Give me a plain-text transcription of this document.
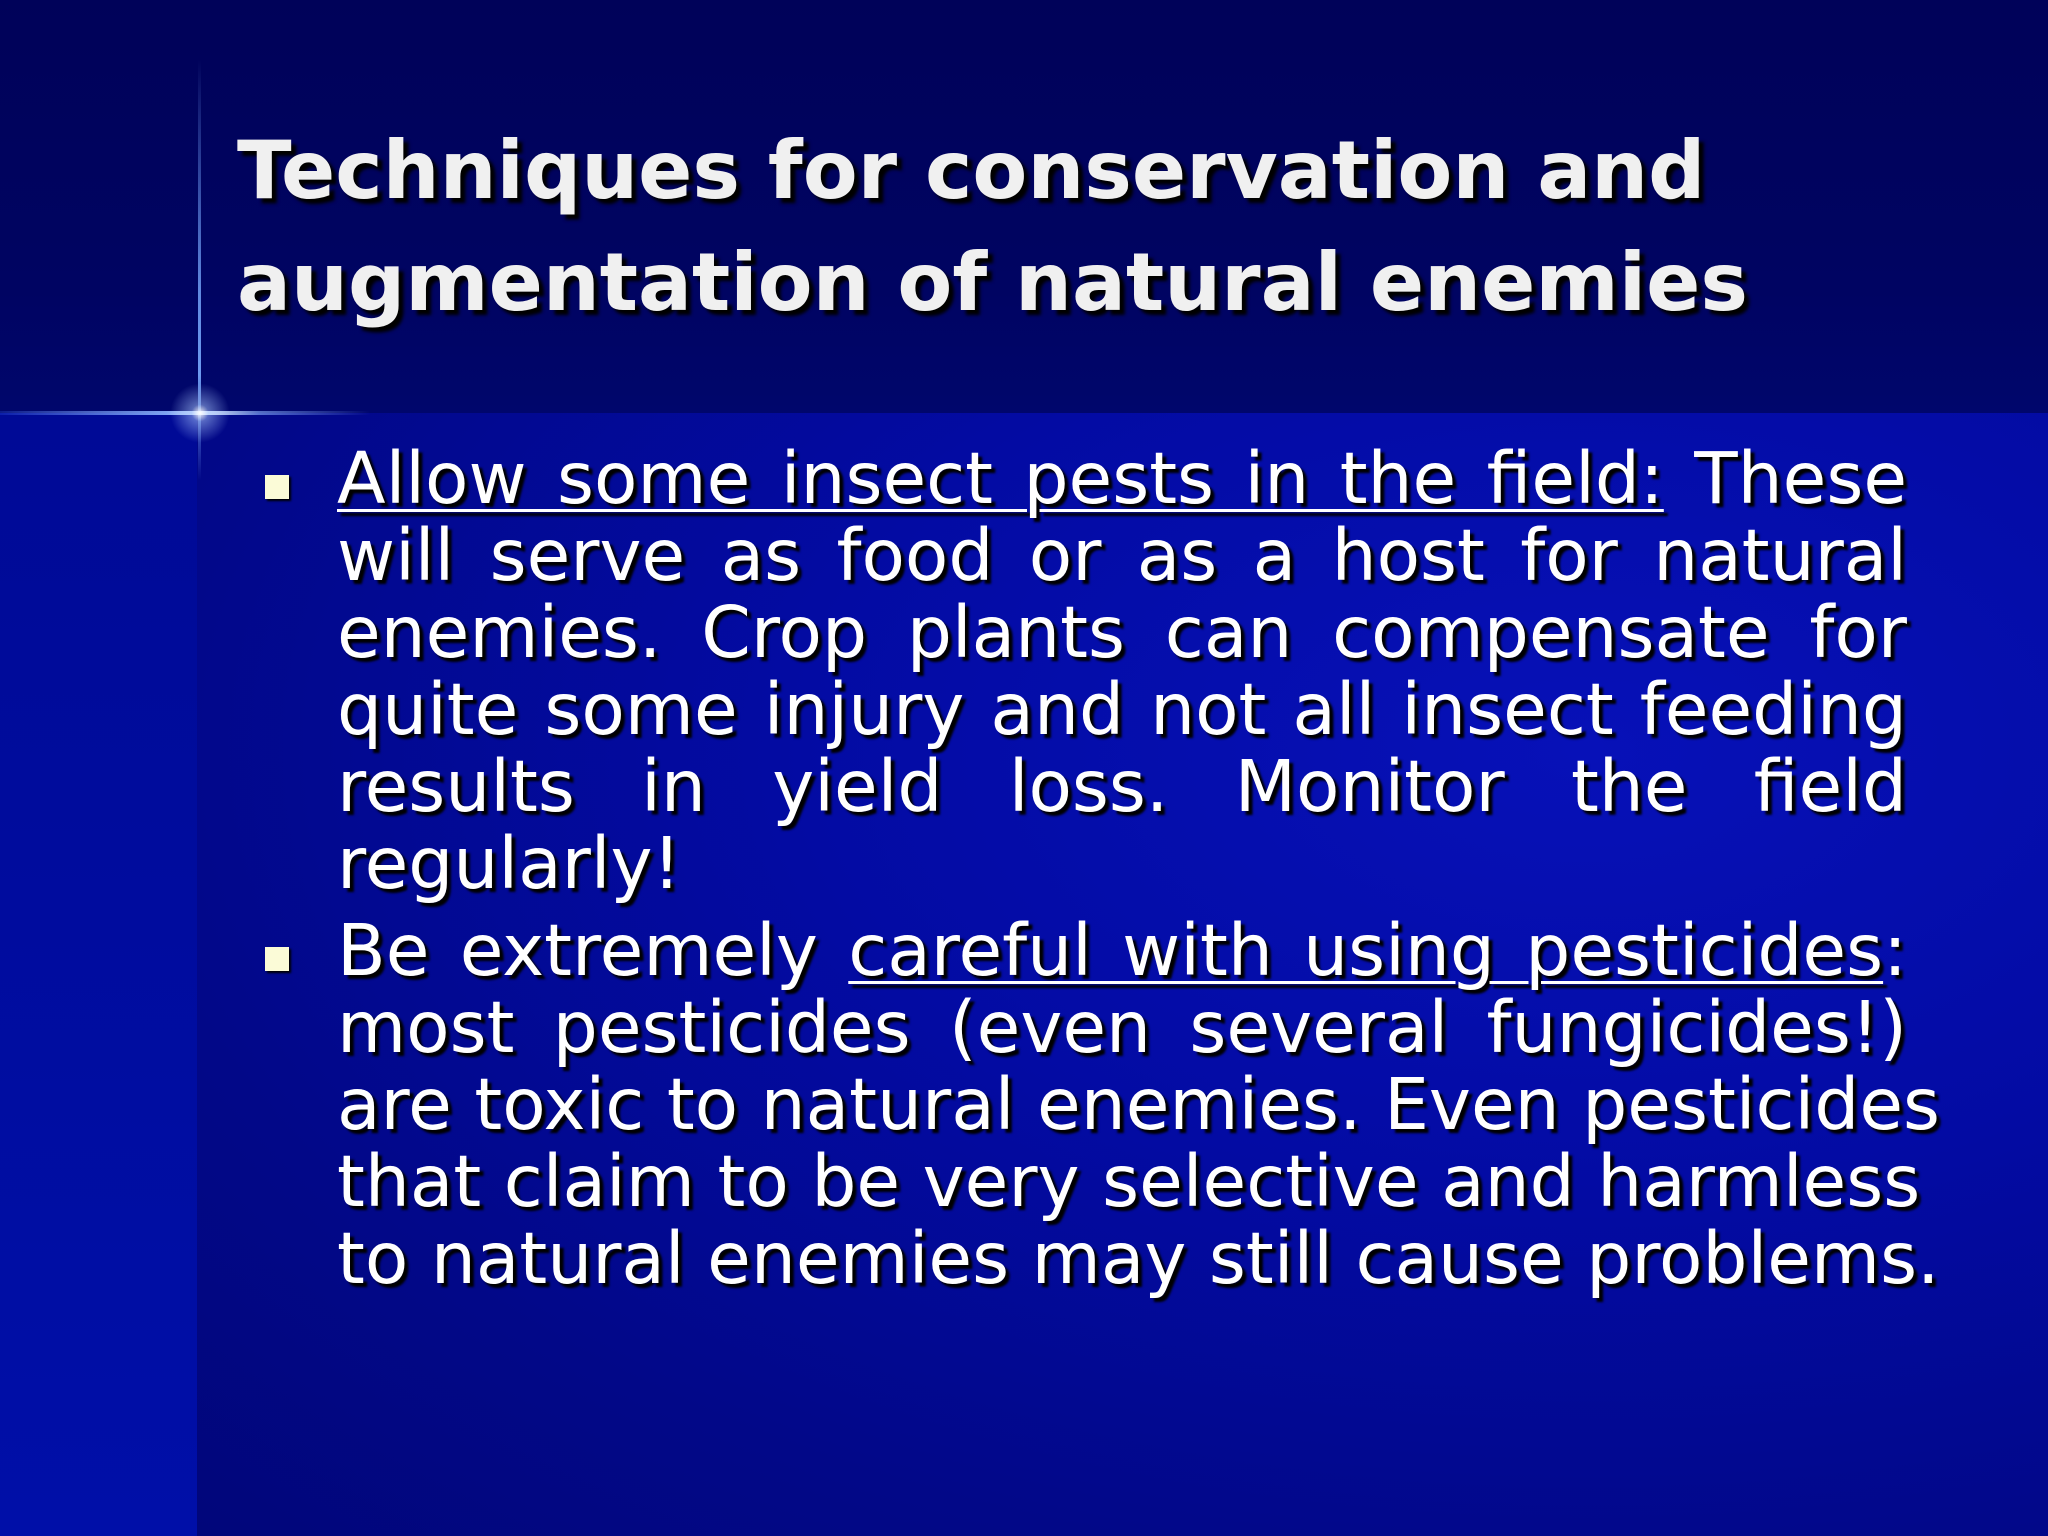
Techniques for conservation and
augmentation of natural enemies
Allow some insect pests in the field: These
will serve as food or as a host for natural
enemies. Crop plants can compensate for
quite some injury and not all insect feeding
results in yield loss. Monitor the field
regularly!
Be extremely careful with using pesticides:
most pesticides (even several fungicides!)
are toxic to natural enemies. Even pesticides
that claim to be very selective and harmless
to natural enemies may still cause problems.
